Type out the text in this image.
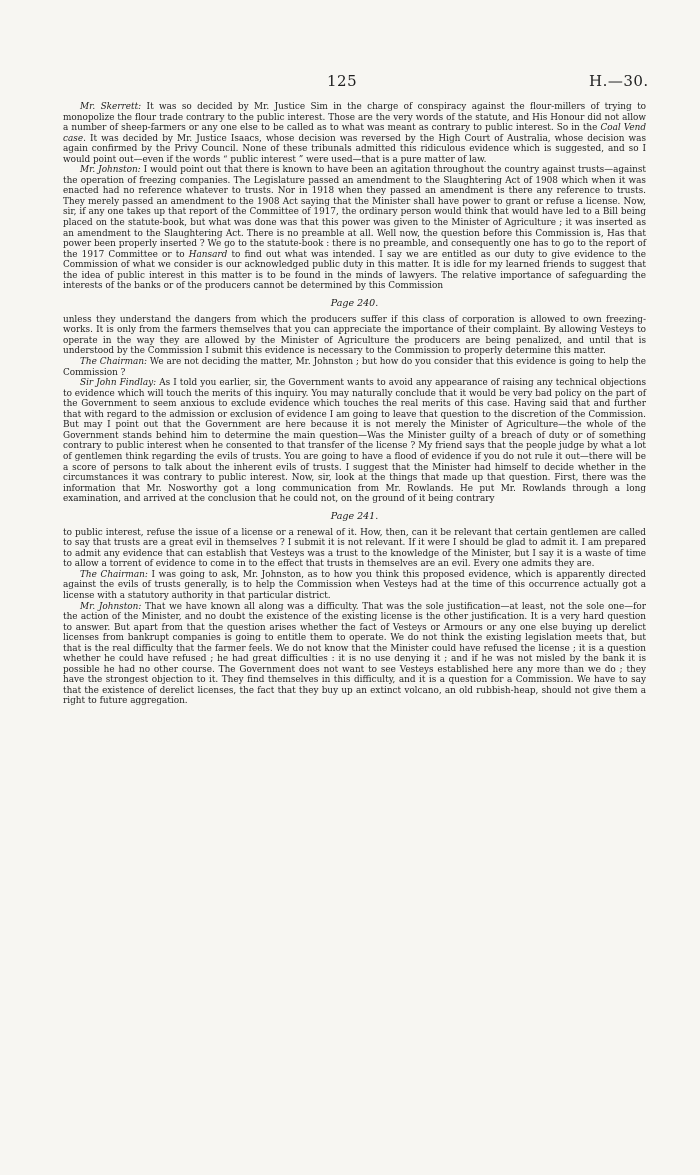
125	H.—30.

Mr. Skerrett: It was so decided by Mr. Justice Sim in the charge of conspiracy against the flour-millers of trying to monopolize the flour trade contrary to the public interest. Those are the very words of the statute, and His Honour did not allow a number of sheep-farmers or any one else to be called as to what was meant as contrary to public interest. So in the Coal Vend case. It was decided by Mr. Justice Isaacs, whose decision was reversed by the High Court of Australia, whose decision was again confirmed by the Privy Council. None of these tribunals admitted this ridiculous evidence which is suggested, and so I would point out—even if the words “ public interest ” were used—that is a pure matter of law.

Mr. Johnston: I would point out that there is known to have been an agitation throughout the country against trusts—against the operation of freezing companies. The Legislature passed an amendment to the Slaughtering Act of 1908 which when it was enacted had no reference whatever to trusts. Nor in 1918 when they passed an amendment is there any reference to trusts. They merely passed an amendment to the 1908 Act saying that the Minister shall have power to grant or refuse a license. Now, sir, if any one takes up that report of the Committee of 1917, the ordinary person would think that would have led to a Bill being placed on the statute-book, but what was done was that this power was given to the Minister of Agriculture ; it was inserted as an amendment to the Slaughtering Act. There is no preamble at all. Well now, the question before this Commission is, Has that power been properly inserted ? We go to the statute-book : there is no preamble, and consequently one has to go to the report of the 1917 Committee or to Hansard to find out what was intended. I say we are entitled as our duty to give evidence to the Commission of what we consider is our acknowledged public duty in this matter. It is idle for my learned friends to suggest that the idea of public interest in this matter is to be found in the minds of lawyers. The relative importance of safeguarding the interests of the banks or of the producers cannot be determined by this Commission

Page 240.

unless they understand the dangers from which the producers suffer if this class of corporation is allowed to own freezing-works. It is only from the farmers themselves that you can appreciate the importance of their complaint. By allowing Vesteys to operate in the way they are allowed by the Minister of Agriculture the producers are being penalized, and until that is understood by the Commission I submit this evidence is necessary to the Commission to properly determine this matter.

The Chairman: We are not deciding the matter, Mr. Johnston ; but how do you consider that this evidence is going to help the Commission ?

Sir John Findlay: As I told you earlier, sir, the Government wants to avoid any appearance of raising any technical objections to evidence which will touch the merits of this inquiry. You may naturally conclude that it would be very bad policy on the part of the Government to seem anxious to exclude evidence which touches the real merits of this case. Having said that and further that with regard to the admission or exclusion of evidence I am going to leave that question to the discretion of the Commission. But may I point out that the Government are here because it is not merely the Minister of Agriculture—the whole of the Government stands behind him to determine the main question—Was the Minister guilty of a breach of duty or of something contrary to public interest when he consented to that transfer of the license ? My friend says that the people judge by what a lot of gentlemen think regarding the evils of trusts. You are going to have a flood of evidence if you do not rule it out—there will be a score of persons to talk about the inherent evils of trusts. I suggest that the Minister had himself to decide whether in the circumstances it was contrary to public interest. Now, sir, look at the things that made up that question. First, there was the information that Mr. Nosworthy got a long communication from Mr. Rowlands. He put Mr. Rowlands through a long examination, and arrived at the conclusion that he could not, on the ground of it being contrary

Page 241.

to public interest, refuse the issue of a license or a renewal of it. How, then, can it be relevant that certain gentlemen are called to say that trusts are a great evil in themselves ? I submit it is not relevant. If it were I should be glad to admit it. I am prepared to admit any evidence that can establish that Vesteys was a trust to the knowledge of the Minister, but I say it is a waste of time to allow a torrent of evidence to come in to the effect that trusts in themselves are an evil. Every one admits they are.

The Chairman: I was going to ask, Mr. Johnston, as to how you think this proposed evidence, which is apparently directed against the evils of trusts generally, is to help the Commission when Vesteys had at the time of this occurrence actually got a license with a statutory authority in that particular district.

Mr. Johnston: That we have known all along was a difficulty. That was the sole justification—at least, not the sole one—for the action of the Minister, and no doubt the existence of the existing license is the other justification. It is a very hard question to answer. But apart from that the question arises whether the fact of Vesteys or Armours or any one else buying up derelict licenses from bankrupt companies is going to entitle them to operate. We do not think the existing legislation meets that, but that is the real difficulty that the farmer feels. We do not know that the Minister could have refused the license ; it is a question whether he could have refused ; he had great difficulties : it is no use denying it ; and if he was not misled by the bank it is possible he had no other course. The Government does not want to see Vesteys established here any more than we do ; they have the strongest objection to it. They find themselves in this difficulty, and it is a question for a Commission. We have to say that the existence of derelict licenses, the fact that they buy up an extinct volcano, an old rubbish-heap, should not give them a right to future aggregation.
